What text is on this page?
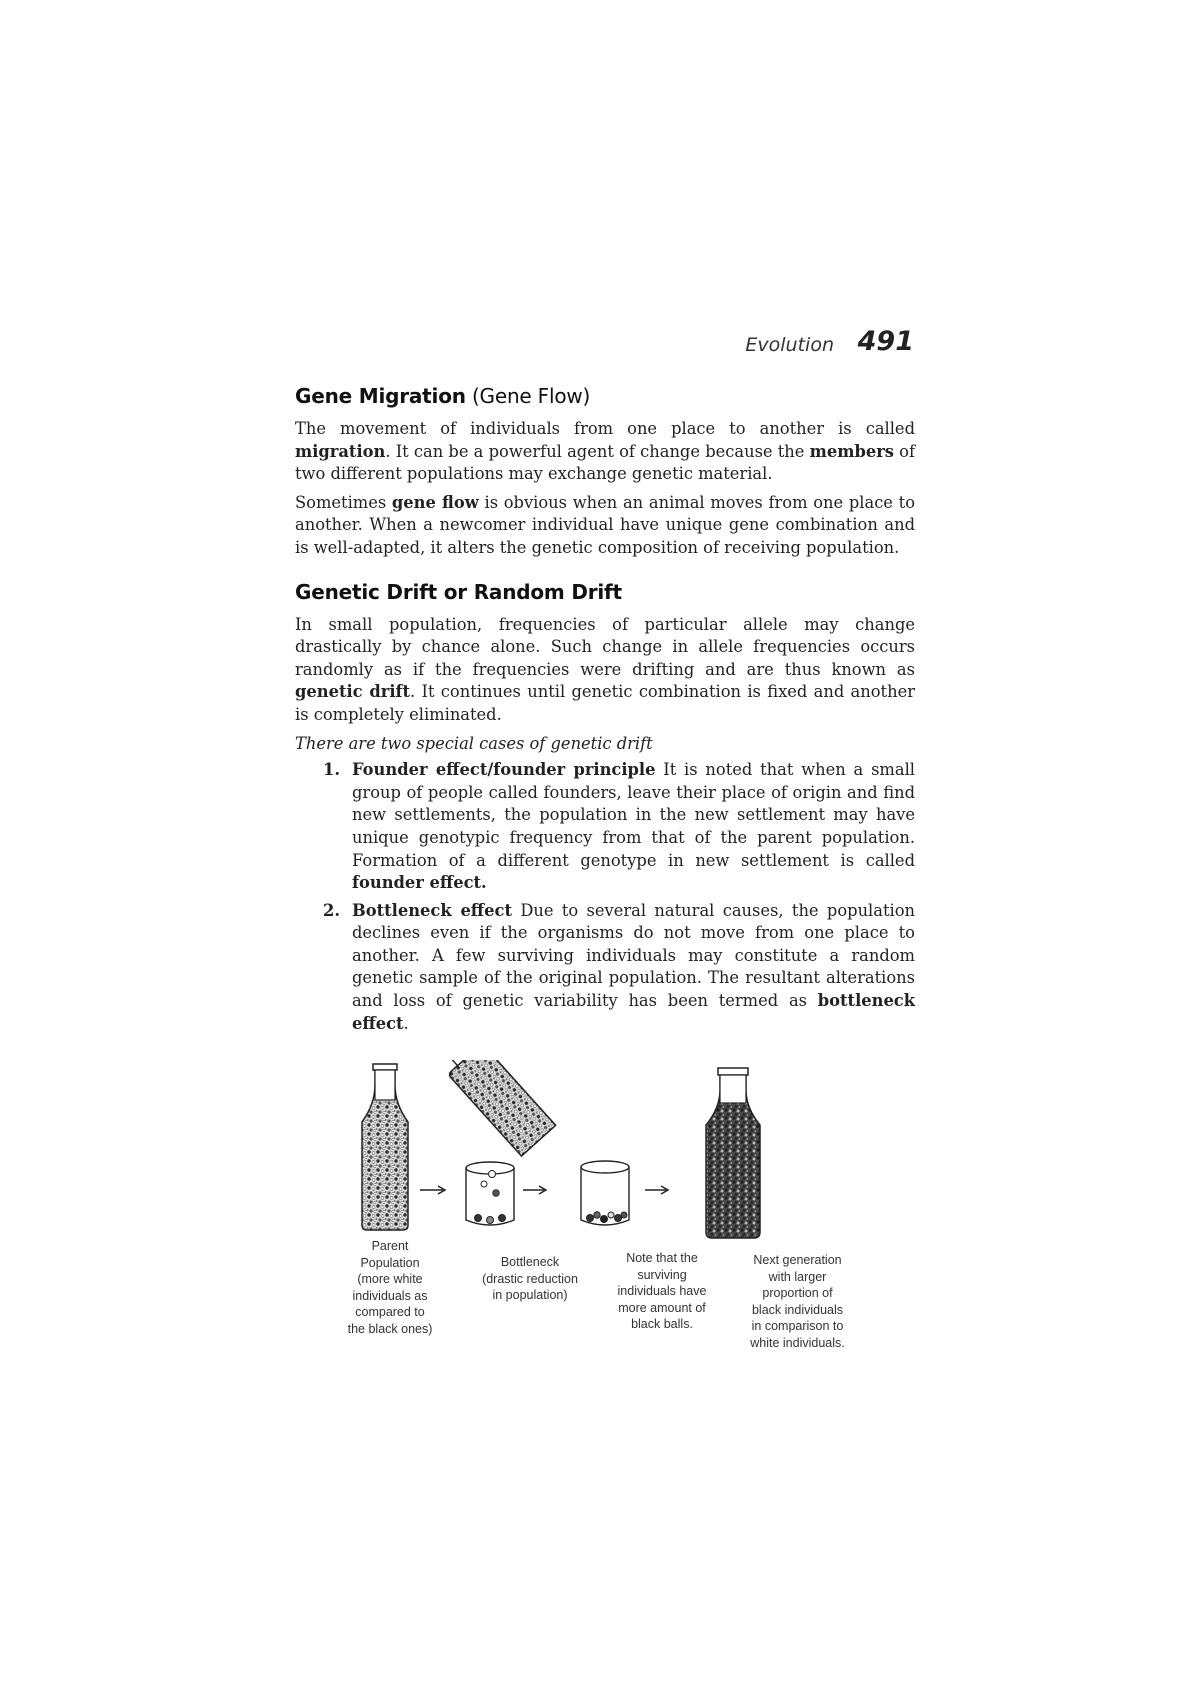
Evolution 491
Gene Migration (Gene Flow)

The movement of individuals from one place to another is called migration. It can be a powerful agent of change because the members of two different populations may exchange genetic material.

Sometimes gene flow is obvious when an animal moves from one place to another. When a newcomer individual have unique gene combination and is well-adapted, it alters the genetic composition of receiving population.

Genetic Drift or Random Drift

In small population, frequencies of particular allele may change drastically by chance alone. Such change in allele frequencies occurs randomly as if the frequencies were drifting and are thus known as genetic drift. It continues until genetic combination is fixed and another is completely eliminated.

There are two special cases of genetic drift

1. Founder effect/founder principle It is noted that when a small group of people called founders, leave their place of origin and find new settlements, the population in the new settlement may have unique genotypic frequency from that of the parent population. Formation of a different genotype in new settlement is called founder effect.
2. Bottleneck effect Due to several natural causes, the population declines even if the organisms do not move from one place to another. A few surviving individuals may constitute a random genetic sample of the original population. The resultant alterations and loss of genetic variability has been termed as bottleneck effect.
Parent
Population
(more white
individuals as
compared to
the black ones)
Bottleneck
(drastic reduction
in population)
Note that the
surviving
individuals have
more amount of
black balls.
Next generation
with larger
proportion of
black individuals
in comparison to
white individuals.
